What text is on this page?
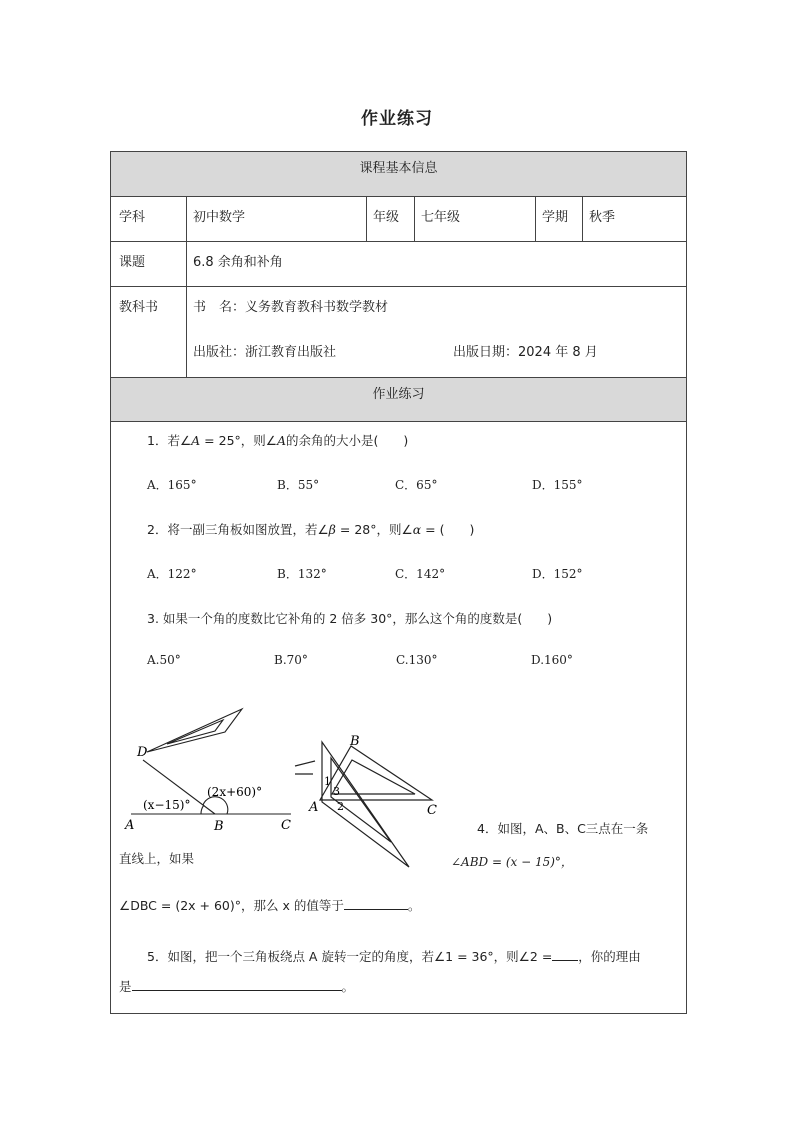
作业练习
课程基本信息
学科	初中数学	年级 七年级	学期 秋季
课题	6.8 余角和补角
教科书	书　名：义务教育教科书数学教材
出版社：浙江教育出版社	出版日期：2024 年 8 月
作业练习
1．若∠A = 25°，则∠A的余角的大小是(　　)
A．165°	B．55°	C．65°	D．155°
2．将一副三角板如图放置，若∠β = 28°，则∠α = (　　)
A．122°	B．132°	C．142°	D．152°
3. 如果一个角的度数比它补角的 2 倍多 30°，那么这个角的度数是(　　)
A.50°	B.70°	C.130°	D.160°
D
A	B	C
(x−15)°
(2x+60)°
B
A	C
1
2
3
4．如图，A、B、C三点在一条
直线上，如果	∠ABD = (x − 15)°，
∠DBC = (2x + 60)°，那么 x 的值等于	。
5．如图，把一个三角板绕点 A 旋转一定的角度，若∠1 = 36°，则∠2 = ，你的理由
是	。
